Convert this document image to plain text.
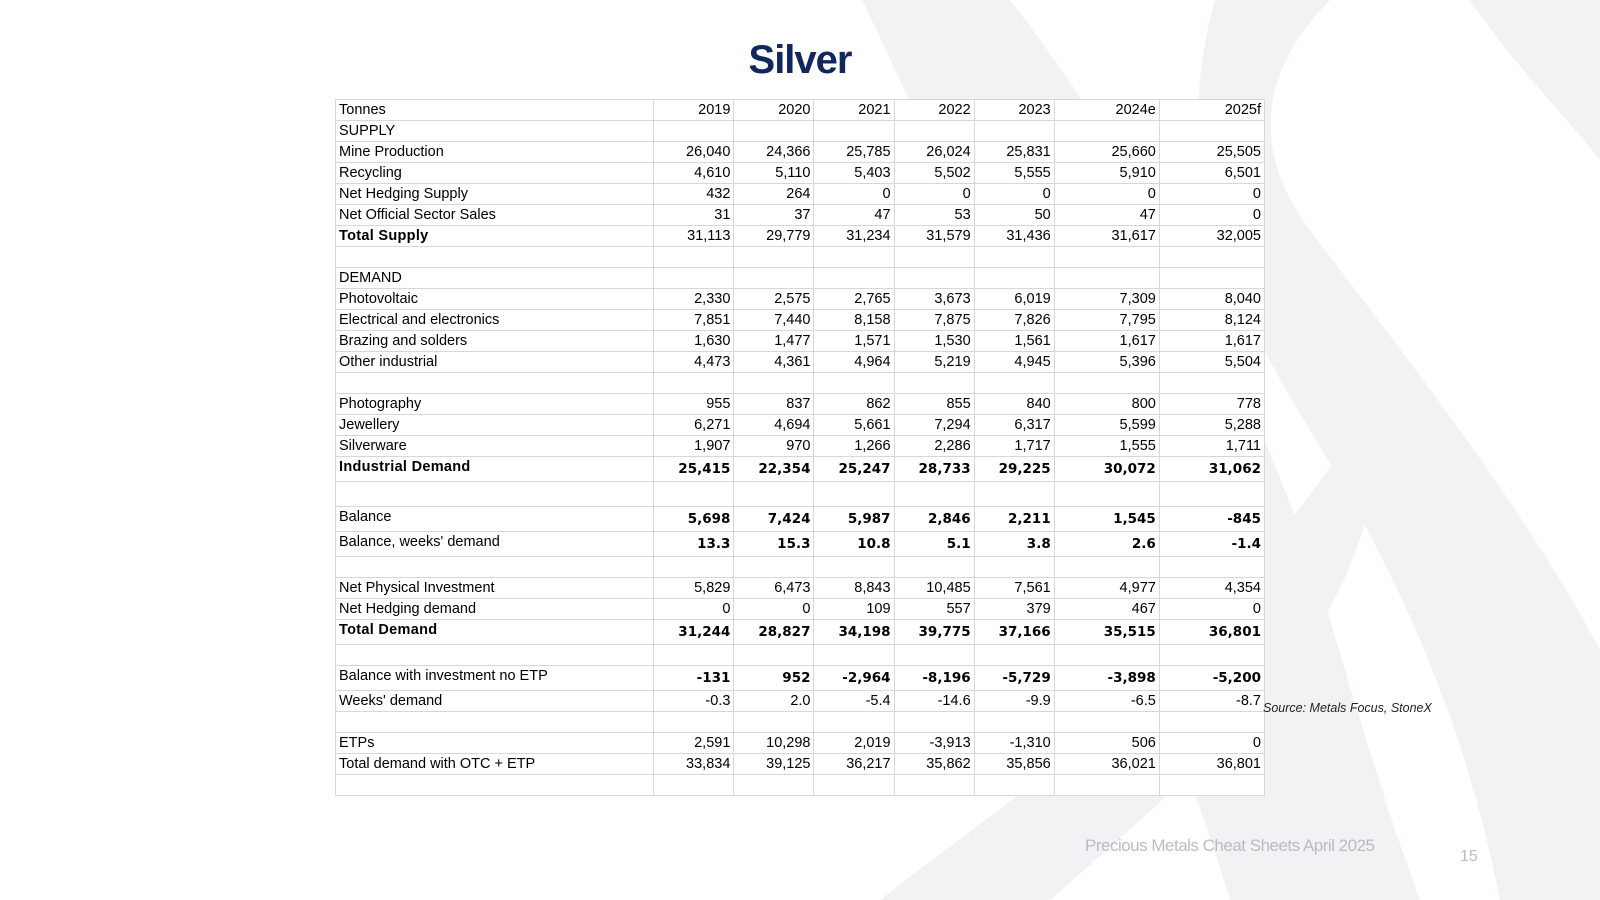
Silver
Tonnes	2019	2020	2021	2022	2023	2024e	2025f
SUPPLY							
Mine Production	26,040	24,366	25,785	26,024	25,831	25,660	25,505
Recycling	4,610	5,110	5,403	5,502	5,555	5,910	6,501
Net Hedging Supply	432	264	0	0	0	0	0
Net Official Sector Sales	31	37	47	53	50	47	0
Total Supply	31,113	29,779	31,234	31,579	31,436	31,617	32,005

DEMAND							
Photovoltaic	2,330	2,575	2,765	3,673	6,019	7,309	8,040
Electrical and electronics	7,851	7,440	8,158	7,875	7,826	7,795	8,124
Brazing and solders	1,630	1,477	1,571	1,530	1,561	1,617	1,617
Other industrial	4,473	4,361	4,964	5,219	4,945	5,396	5,504

Photography	955	837	862	855	840	800	778
Jewellery	6,271	4,694	5,661	7,294	6,317	5,599	5,288
Silverware	1,907	970	1,266	2,286	1,717	1,555	1,711
Industrial Demand	25,415	22,354	25,247	28,733	29,225	30,072	31,062

Balance	5,698	7,424	5,987	2,846	2,211	1,545	-845
Balance, weeks' demand	13.3	15.3	10.8	5.1	3.8	2.6	-1.4

Net Physical Investment	5,829	6,473	8,843	10,485	7,561	4,977	4,354
Net Hedging demand	0	0	109	557	379	467	0
Total Demand	31,244	28,827	34,198	39,775	37,166	35,515	36,801

Balance with investment no ETP	-131	952	-2,964	-8,196	-5,729	-3,898	-5,200
Weeks' demand	-0.3	2.0	-5.4	-14.6	-9.9	-6.5	-8.7

ETPs	2,591	10,298	2,019	-3,913	-1,310	506	0
Total demand with OTC + ETP	33,834	39,125	36,217	35,862	35,856	36,021	36,801

Source: Metals Focus, StoneX
Precious Metals Cheat Sheets April 2025
15
